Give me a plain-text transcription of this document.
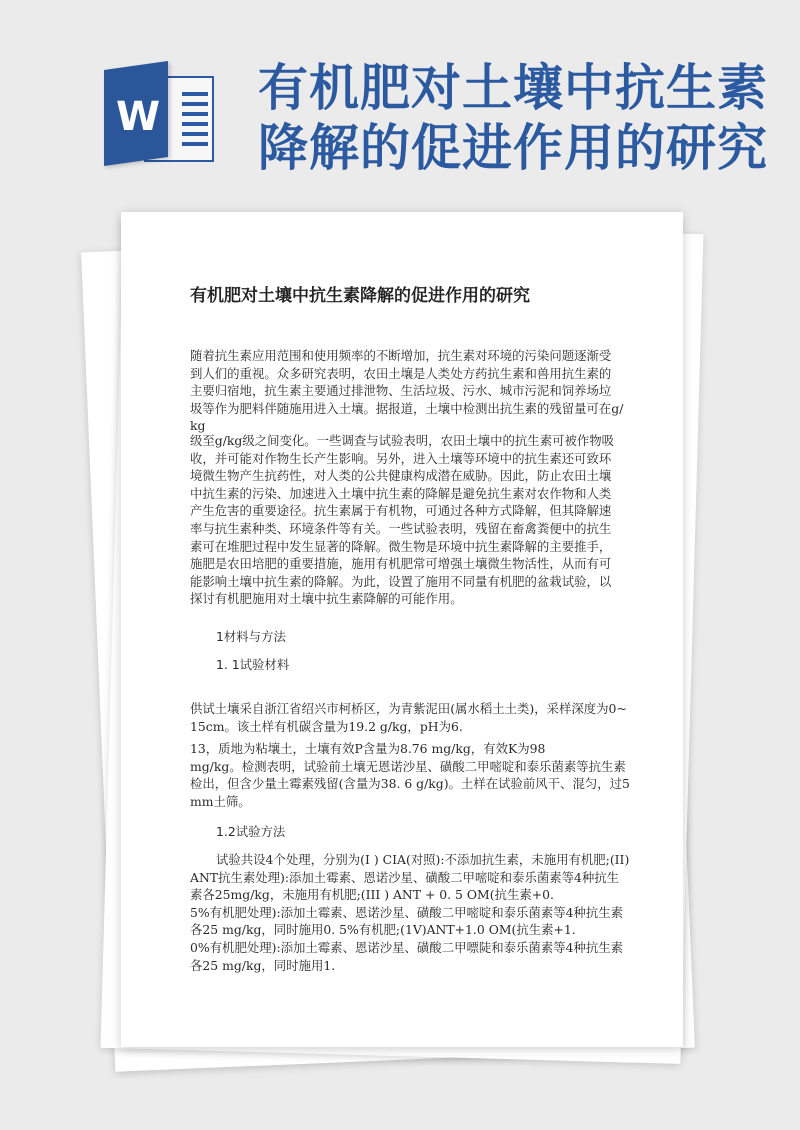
W 有机肥对土壤中抗生素
降解的促进作用的研究
有机肥对土壤中抗生素降解的促进作用的研究
随着抗生素应用范围和使用频率的不断增加，抗生素对环境的污染问题逐渐受
到人们的重视。众多研究表明，农田土壤是人类处方药抗生素和兽用抗生素的
主要归宿地，抗生素主要通过排泄物、生活垃圾、污水、城市污泥和饲养场垃
圾等作为肥料伴随施用进入土壤。据报道，土壤中检测出抗生素的残留量可在g/
kg
级至g/kg级之间变化。一些调查与试验表明，农田土壤中的抗生素可被作物吸
收，并可能对作物生长产生影响。另外，进入土壤等环境中的抗生素还可致环
境微生物产生抗药性，对人类的公共健康构成潜在威胁。因此，防止农田土壤
中抗生素的污染、加速进入土壤中抗生素的降解是避免抗生素对农作物和人类
产生危害的重要途径。抗生素属于有机物，可通过各种方式降解，但其降解速
率与抗生素种类、环境条件等有关。一些试验表明，残留在畜禽粪便中的抗生
素可在堆肥过程中发生显著的降解。微生物是环境中抗生素降解的主要推手，
施肥是农田培肥的重要措施，施用有机肥常可增强土壤微生物活性，从而有可
能影响土壤中抗生素的降解。为此，设置了施用不同量有机肥的盆栽试验，以
探讨有机肥施用对土壤中抗生素降解的可能作用。
1材料与方法
1. 1试验材料
供试土壤采自浙江省绍兴市柯桥区，为青紫泥田(属水稻土土类)，采样深度为0~
15cm。该土样有机碳含量为19.2 g/kg，pH为6.
13，质地为粘壤土，土壤有效P含量为8.76 mg/kg，有效K为98
mg/kg。检测表明，试验前土壤无恩诺沙星、磺酸二甲嘧啶和泰乐菌素等抗生素
检出，但含少量土霉素残留(含量为38. 6 g/kg)。土样在试验前风干、混匀，过5
mm土筛。
1.2试验方法
试验共设4个处理，分别为(I ) CIA(对照):不添加抗生素，未施用有机肥;(II)
ANT抗生素处理):添加土霉素、恩诺沙星、磺酸二甲嘧啶和泰乐菌素等4种抗生
素各25mg/kg，未施用有机肥;(III ) ANT + 0. 5 OM(抗生素+0.
5%有机肥处理):添加土霉素、恩诺沙星、磺酸二甲嘧啶和泰乐菌素等4种抗生素
各25 mg/kg，同时施用0. 5%有机肥;(1V)ANT+1.0 OM(抗生素+1.
0%有机肥处理):添加土霉素、恩诺沙星、磺酸二甲嘌陡和泰乐菌素等4种抗生素
各25 mg/kg，同时施用1.
